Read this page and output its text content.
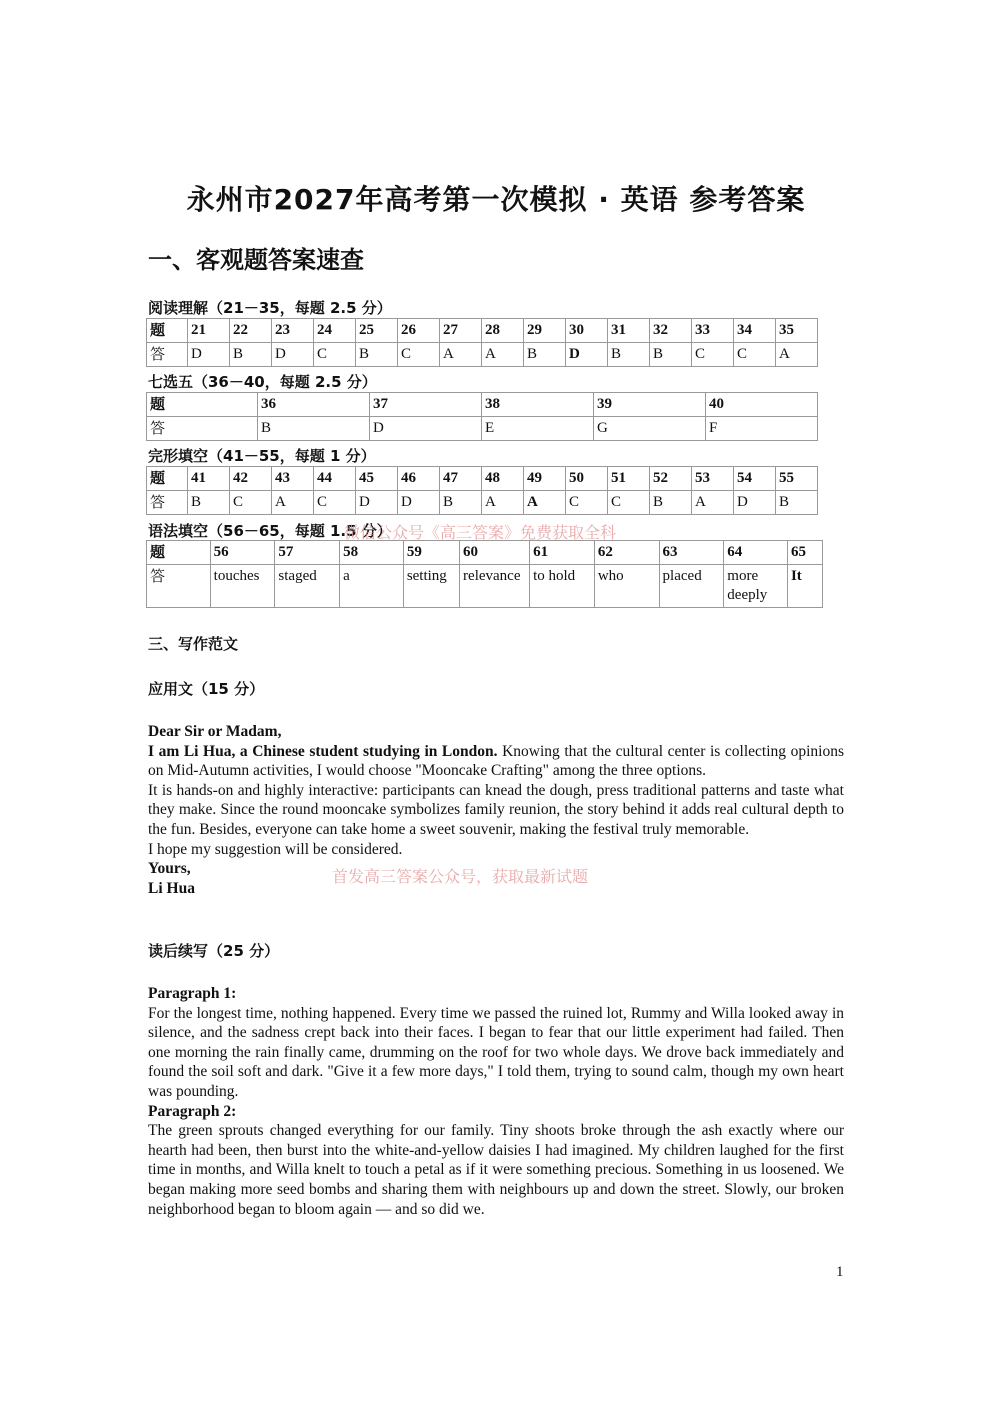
永州市2027年高考第一次模拟 · 英语 参考答案
一、客观题答案速查
阅读理解（21－35，每题 2.5 分）
题	21	22	23	24	25	26	27	28	29	30	31	32	33	34	35
答	D	B	D	C	B	C	A	A	B	D	B	B	C	C	A
七选五（36－40，每题 2.5 分）
题	36	37	38	39	40
答	B	D	E	G	F
完形填空（41－55，每题 1 分）
题	41	42	43	44	45	46	47	48	49	50	51	52	53	54	55
答	B	C	A	C	D	D	B	A	A	C	C	B	A	D	B
语法填空（56－65，每题 1.5 分）
微信公众号《高三答案》免费获取全科
题	56	57	58	59	60	61	62	63	64	65
答	touches	staged	a	setting	relevance	to hold	who	placed	more deeply	It
三、写作范文
应用文（15 分）

Dear Sir or Madam,

I am Li Hua, a Chinese student studying in London. Knowing that the cultural center is collecting opinions on Mid-Autumn activities, I would choose "Mooncake Crafting" among the three options.

It is hands-on and highly interactive: participants can knead the dough, press traditional patterns and taste what they make. Since the round mooncake symbolizes family reunion, the story behind it adds real cultural depth to the fun. Besides, everyone can take home a sweet souvenir, making the festival truly memorable.

I hope my suggestion will be considered.

Yours,

Li Hua

首发高三答案公众号，获取最新试题
读后续写（25 分）

Paragraph 1:

For the longest time, nothing happened. Every time we passed the ruined lot, Rummy and Willa looked away in silence, and the sadness crept back into their faces. I began to fear that our little experiment had failed. Then one morning the rain finally came, drumming on the roof for two whole days. We drove back immediately and found the soil soft and dark. "Give it a few more days," I told them, trying to sound calm, though my own heart was pounding.

Paragraph 2:

The green sprouts changed everything for our family. Tiny shoots broke through the ash exactly where our hearth had been, then burst into the white-and-yellow daisies I had imagined. My children laughed for the first time in months, and Willa knelt to touch a petal as if it were something precious. Something in us loosened. We began making more seed bombs and sharing them with neighbours up and down the street. Slowly, our broken neighborhood began to bloom again — and so did we.

1
